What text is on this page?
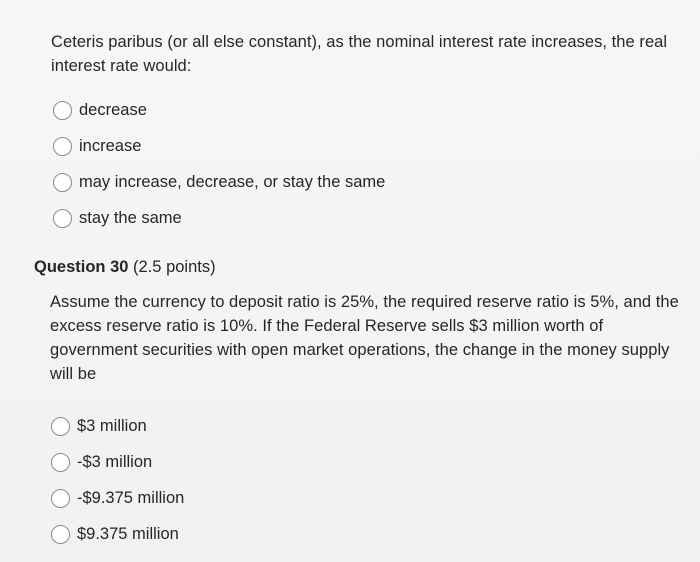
Ceteris paribus (or all else constant), as the nominal interest rate increases, the real interest rate would:

decrease
increase
may increase, decrease, or stay the same
stay the same
Question 30 (2.5 points)

Assume the currency to deposit ratio is 25%, the required reserve ratio is 5%, and the excess reserve ratio is 10%. If the Federal Reserve sells $3 million worth of government securities with open market operations, the change in the money supply will be

$3 million
-$3 million
-$9.375 million
$9.375 million
